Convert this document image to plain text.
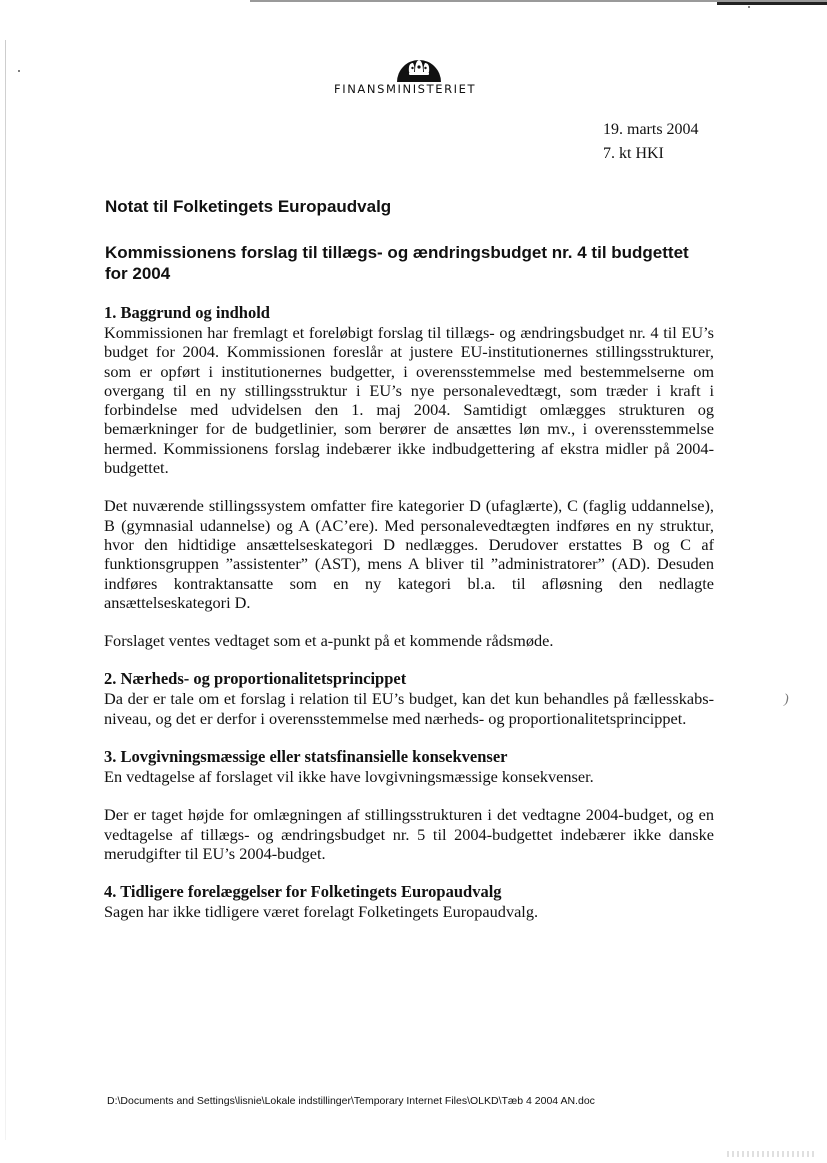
FINANSMINISTERIET
19. marts 2004
7. kt HKI
Notat til Folketingets Europaudvalg
Kommissionens forslag til tillægs- og ændringsbudget nr. 4 til budgettet for 2004

1. Baggrund og indhold

Kommissionen har fremlagt et foreløbigt forslag til tillægs- og ændringsbudget nr. 4 til EU’s budget for 2004. Kommissionen foreslår at justere EU-institutionernes stillingsstrukturer, som er opført i institutionernes budgetter, i overensstemmelse med bestemmelserne om overgang til en ny stillingsstruktur i EU’s nye personalevedtægt, som træder i kraft i forbindelse med udvidelsen den 1. maj 2004. Samtidigt omlægges strukturen og bemærkninger for de budgetlinier, som berører de ansættes løn mv., i overensstemmelse hermed. Kommissionens forslag indebærer ikke indbudgettering af ekstra midler på 2004-budgettet.

Det nuværende stillingssystem omfatter fire kategorier D (ufaglærte), C (faglig uddannelse), B (gymnasial udannelse) og A (AC’ere). Med personalevedtægten indføres en ny struktur, hvor den hidtidige ansættelseskategori D nedlægges. Derudover erstattes B og C af funktionsgruppen ”assistenter” (AST), mens A bliver til ”administratorer” (AD). Desuden indføres kontraktansatte som en ny kategori bl.a. til afløsning den nedlagte ansættelseskategori D.

Forslaget ventes vedtaget som et a-punkt på et kommende rådsmøde.

2. Nærheds- og proportionalitetsprincippet

Da der er tale om et forslag i relation til EU’s budget, kan det kun behandles på fællesskabs-niveau, og det er derfor i overensstemmelse med nærheds- og proportionalitetsprincippet.

3. Lovgivningsmæssige eller statsfinansielle konsekvenser

En vedtagelse af forslaget vil ikke have lovgivningsmæssige konsekvenser.

Der er taget højde for omlægningen af stillingsstrukturen i det vedtagne 2004-budget, og en vedtagelse af tillægs- og ændringsbudget nr. 5 til 2004-budgettet indebærer ikke danske merudgifter til EU’s 2004-budget.

4. Tidligere forelæggelser for Folketingets Europaudvalg

Sagen har ikke tidligere været forelagt Folketingets Europaudvalg.

)
D:\Documents and Settings\lisnie\Lokale indstillinger\Temporary Internet Files\OLKD\Tæb 4 2004 AN.doc
